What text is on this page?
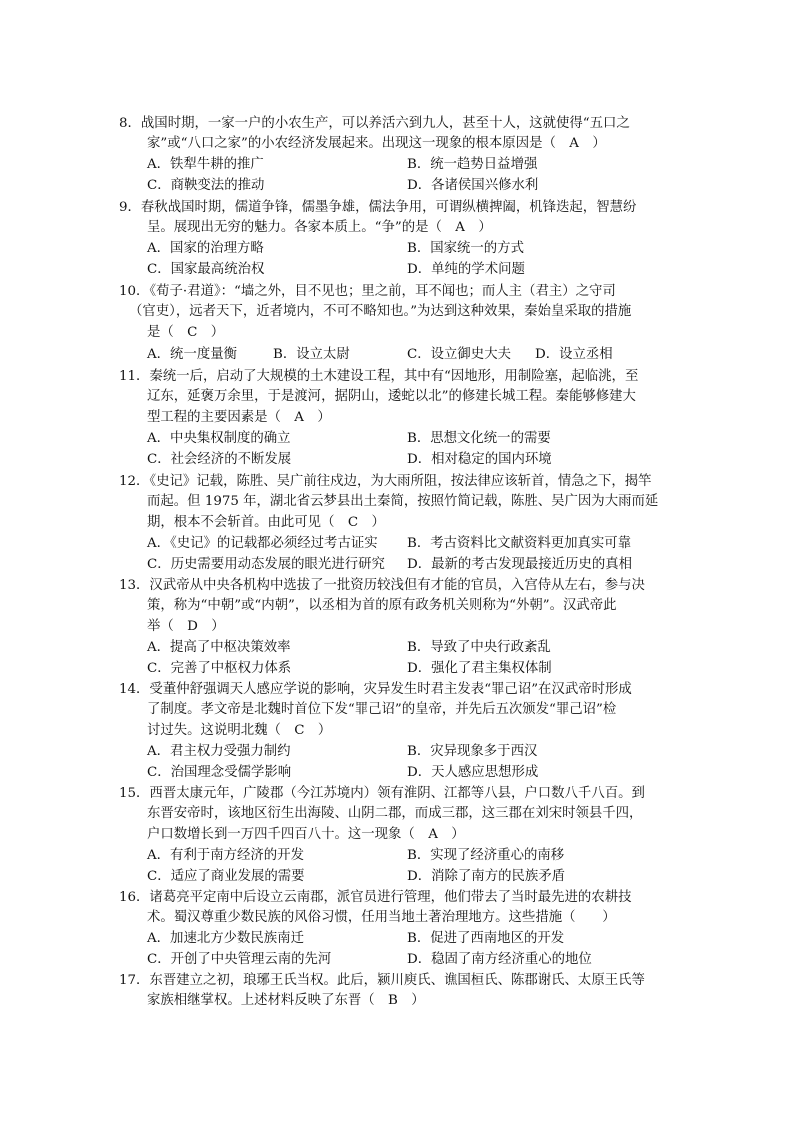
8．战国时期，一家一户的小农生产，可以养活六到九人，甚至十人，这就使得“五口之
家”或“八口之家”的小农经济发展起来。出现这一现象的根本原因是（　A　）
A．铁犁牛耕的推广	B．统一趋势日益增强
C．商鞅变法的推动	D．各诸侯国兴修水利
9．春秋战国时期，儒道争锋，儒墨争雄，儒法争用，可谓纵横捭阖，机锋迭起，智慧纷
呈。展现出无穷的魅力。各家本质上。“争”的是（　A　）
A．国家的治理方略	B．国家统一的方式
C．国家最高统治权	D．单纯的学术问题
10．《荀子·君道》：“墙之外，目不见也；里之前，耳不闻也；而人主（君主）之守司
（官吏），远者天下，近者境内，不可不略知也。”为达到这种效果，秦始皇采取的措施
是（　C　）
A．统一度量衡	B．设立太尉	C．设立御史大夫 D．设立丞相
11．秦统一后，启动了大规模的土木建设工程，其中有“因地形，用制险塞，起临洮，至
辽东，延褒万余里，于是渡河，据阴山，逶蛇以北”的修建长城工程。秦能够修建大
型工程的主要因素是（　A　）
A．中央集权制度的确立	B．思想文化统一的需要
C．社会经济的不断发展	D．相对稳定的国内环境
12．《史记》记载，陈胜、吴广前往戍边，为大雨所阻，按法律应该斩首，情急之下，揭竿
而起。但 1975 年，湖北省云梦县出土秦简，按照竹简记载，陈胜、吴广因为大雨而延
期，根本不会斩首。由此可见（　C　）
A．《史记》的记载都必须经过考古证实 B．考古资料比文献资料更加真实可靠
C．历史需要用动态发展的眼光进行研究 D．最新的考古发现最接近历史的真相
13．汉武帝从中央各机构中选拔了一批资历较浅但有才能的官员，入宫侍从左右，参与决
策，称为“中朝”或“内朝”，以丞相为首的原有政务机关则称为“外朝”。汉武帝此
举（　D　）
A．提高了中枢决策效率	B．导致了中央行政紊乱
C．完善了中枢权力体系	D．强化了君主集权体制
14．受董仲舒强调天人感应学说的影响，灾异发生时君主发表“罪己诏”在汉武帝时形成
了制度。孝文帝是北魏时首位下发“罪己诏”的皇帝，并先后五次颁发“罪己诏”检
讨过失。这说明北魏（　C　）
A．君主权力受强力制约	B．灾异现象多于西汉
C．治国理念受儒学影响	D．天人感应思想形成
15．西晋太康元年，广陵郡（今江苏境内）领有淮阴、江都等八县，户口数八千八百。到
东晋安帝时，该地区衍生出海陵、山阴二郡，而成三郡，这三郡在刘宋时领县千四，
户口数增长到一万四千四百八十。这一现象（　A　）
A．有利于南方经济的开发	B．实现了经济重心的南移
C．适应了商业发展的需要	D．消除了南方的民族矛盾
16．诸葛亮平定南中后设立云南郡，派官员进行管理，他们带去了当时最先进的农耕技
术。蜀汉尊重少数民族的风俗习惯，任用当地土著治理地方。这些措施（　　）
A．加速北方少数民族南迁	B．促进了西南地区的开发
C．开创了中央管理云南的先河	D．稳固了南方经济重心的地位
17．东晋建立之初，琅琊王氏当权。此后，颍川庾氏、谯国桓氏、陈郡谢氏、太原王氏等
家族相继掌权。上述材料反映了东晋（　B　）
